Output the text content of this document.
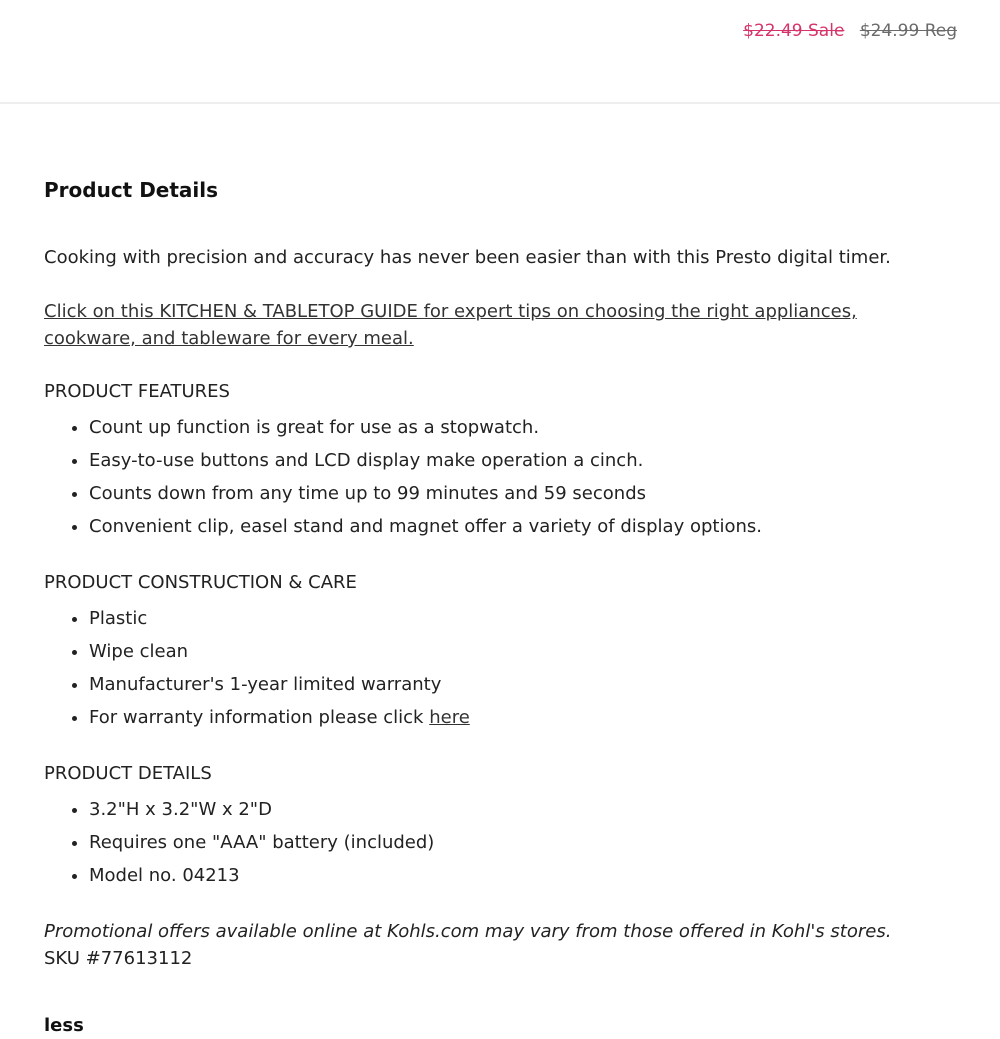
$22.49 Sale $24.99 Reg
Product Details
Cooking with precision and accuracy has never been easier than with this Presto digital timer.
Click on this KITCHEN & TABLETOP GUIDE for expert tips on choosing the right appliances, cookware, and tableware for every meal.
PRODUCT FEATURES
• Count up function is great for use as a stopwatch.
• Easy-to-use buttons and LCD display make operation a cinch.
• Counts down from any time up to 99 minutes and 59 seconds
• Convenient clip, easel stand and magnet offer a variety of display options.
PRODUCT CONSTRUCTION & CARE
• Plastic
• Wipe clean
• Manufacturer's 1-year limited warranty
• For warranty information please click here
PRODUCT DETAILS
• 3.2"H x 3.2"W x 2"D
• Requires one "AAA" battery (included)
• Model no. 04213
Promotional offers available online at Kohls.com may vary from those offered in Kohl's stores.
SKU #77613112
less
